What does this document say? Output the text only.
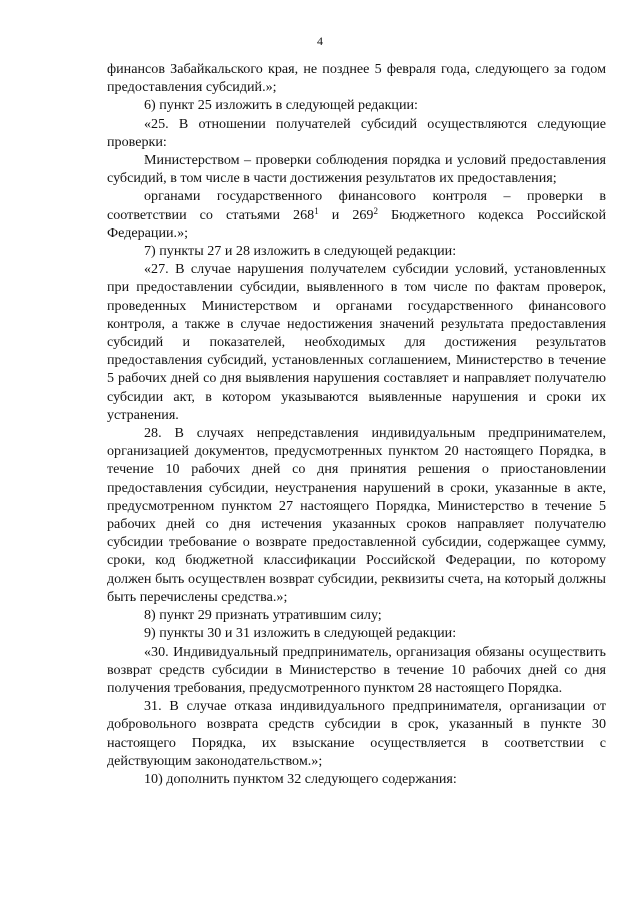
4

финансов Забайкальского края, не позднее 5 февраля года, следующего за годом предоставления субсидий.»;

6) пункт 25 изложить в следующей редакции:

«25. В отношении получателей субсидий осуществляются следующие проверки:

Министерством – проверки соблюдения порядка и условий предоставления субсидий, в том числе в части достижения результатов их предоставления;

органами государственного финансового контроля – проверки в соответствии со статьями $268^1$ и $269^2$ Бюджетного кодекса Российской Федерации.»;

7) пункты 27 и 28 изложить в следующей редакции:

«27. В случае нарушения получателем субсидии условий, установленных при предоставлении субсидии, выявленного в том числе по фактам проверок, проведенных Министерством и органами государственного финансового контроля, а также в случае недостижения значений результата предоставления субсидий и показателей, необходимых для достижения результатов предоставления субсидий, установленных соглашением, Министерство в течение 5 рабочих дней со дня выявления нарушения составляет и направляет получателю субсидии акт, в котором указываются выявленные нарушения и сроки их устранения.

28. В случаях непредставления индивидуальным предпринимателем, организацией документов, предусмотренных пунктом 20 настоящего Порядка, в течение 10 рабочих дней со дня принятия решения о приостановлении предоставления субсидии, неустранения нарушений в сроки, указанные в акте, предусмотренном пунктом 27 настоящего Порядка, Министерство в течение 5 рабочих дней со дня истечения указанных сроков направляет получателю субсидии требование о возврате предоставленной субсидии, содержащее сумму, сроки, код бюджетной классификации Российской Федерации, по которому должен быть осуществлен возврат субсидии, реквизиты счета, на который должны быть перечислены средства.»;

8) пункт 29 признать утратившим силу;

9) пункты 30 и 31 изложить в следующей редакции:

«30. Индивидуальный предприниматель, организация обязаны осуществить возврат средств субсидии в Министерство в течение 10 рабочих дней со дня получения требования, предусмотренного пунктом 28 настоящего Порядка.

31. В случае отказа индивидуального предпринимателя, организации от добровольного возврата средств субсидии в срок, указанный в пункте 30 настоящего Порядка, их взыскание осуществляется в соответствии с действующим законодательством.»;

10) дополнить пунктом 32 следующего содержания:
